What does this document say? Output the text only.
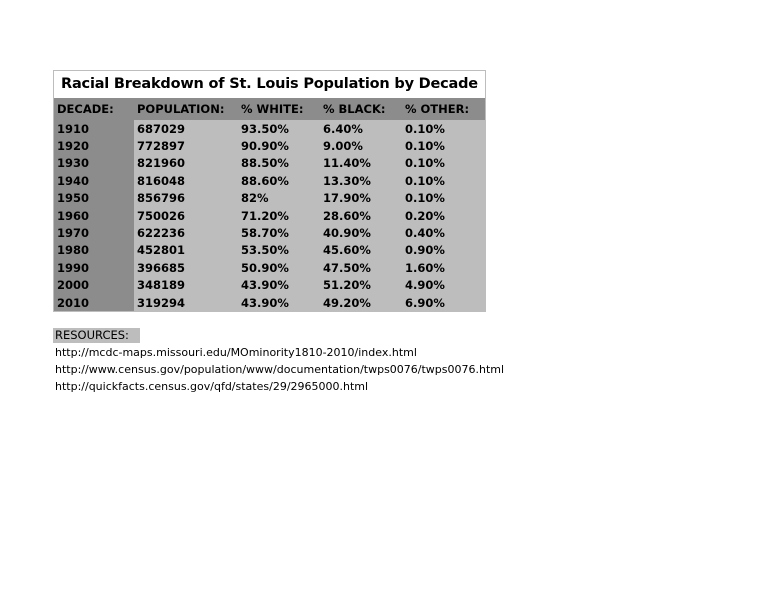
Racial Breakdown of St. Louis Population by Decade
DECADE:	POPULATION:	% WHITE:	% BLACK:	% OTHER:
1910	687029	93.50%	6.40%	0.10%
1920	772897	90.90%	9.00%	0.10%
1930	821960	88.50%	11.40%	0.10%
1940	816048	88.60%	13.30%	0.10%
1950	856796	82%	17.90%	0.10%
1960	750026	71.20%	28.60%	0.20%
1970	622236	58.70%	40.90%	0.40%
1980	452801	53.50%	45.60%	0.90%
1990	396685	50.90%	47.50%	1.60%
2000	348189	43.90%	51.20%	4.90%
2010	319294	43.90%	49.20%	6.90%
RESOURCES:
http://mcdc-maps.missouri.edu/MOminority1810-2010/index.html
http://www.census.gov/population/www/documentation/twps0076/twps0076.html
http://quickfacts.census.gov/qfd/states/29/2965000.html
